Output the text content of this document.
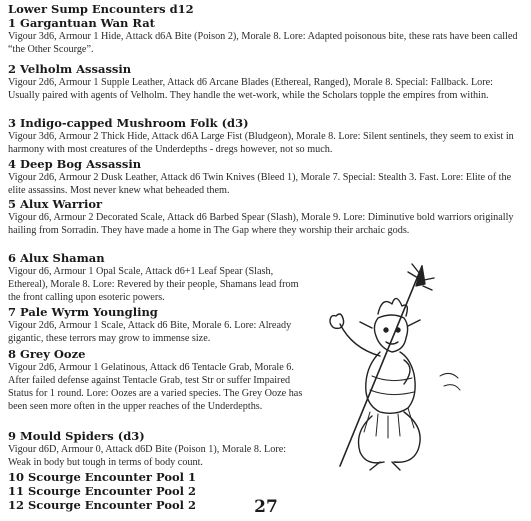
Lower Sump Encounters d12
1 Gargantuan Wan Rat
Vigour 3d6, Armour 1 Hide, Attack d6A Bite (Poison 2), Morale 8. Lore: Adapted poisonous bite, these rats have been called “the Other Scourge”.
2 Velholm Assassin
Vigour 2d6, Armour 1 Supple Leather, Attack d6 Arcane Blades (Ethereal, Ranged), Morale 8. Special: Fallback. Lore: Usually paired with agents of Velholm. They handle the wet-work, while the Scholars topple the empires from within.
3 Indigo-capped Mushroom Folk (d3)
Vigour 3d6, Armour 2 Thick Hide, Attack d6A Large Fist (Bludgeon), Morale 8. Lore: Silent sentinels, they seem to exist in harmony with most creatures of the Underdepths - dregs however, not so much.
4 Deep Bog Assassin
Vigour 2d6, Armour 2 Dusk Leather, Attack d6 Twin Knives (Bleed 1), Morale 7. Special: Stealth 3. Fast. Lore: Elite of the elite assassins. Most never knew what beheaded them.
5 Alux Warrior
Vigour d6, Armour 2 Decorated Scale, Attack d6 Barbed Spear (Slash), Morale 9. Lore: Diminutive bold warriors originally hailing from Sorradin. They have made a home in The Gap where they worship their archaic gods.
6 Alux Shaman
Vigour d6, Armour 1 Opal Scale, Attack d6+1 Leaf Spear (Slash, Ethereal), Morale 8. Lore: Revered by their people, Shamans lead from the front calling upon esoteric powers.
7 Pale Wyrm Youngling
Vigour 2d6, Armour 1 Scale, Attack d6 Bite, Morale 6. Lore: Already gigantic, these terrors may grow to immense size.
8 Grey Ooze
Vigour 2d6, Armour 1 Gelatinous, Attack d6 Tentacle Grab, Morale 6. After failed defense against Tentacle Grab, test Str or suffer Impaired Status for 1 round. Lore: Oozes are a varied species. The Grey Ooze has been seen more often in the upper reaches of the Underdepths.
9 Mould Spiders (d3)
Vigour d6D, Armour 0, Attack d6D Bite (Poison 1), Morale 8. Lore: Weak in body but tough in terms of body count.
10 Scourge Encounter Pool 1
11 Scourge Encounter Pool 2
12 Scourge Encounter Pool 2	27
